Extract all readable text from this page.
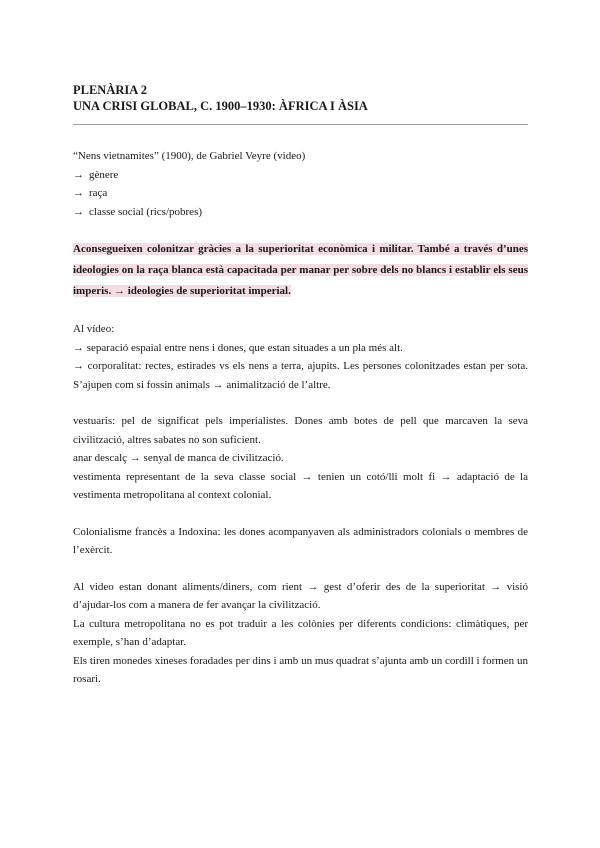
PLENÀRIA 2

UNA CRISI GLOBAL, C. 1900–1930: ÀFRICA I ÀSIA

“Nens vietnamites” (1900), de Gabriel Veyre (video)

→ gènere

→ raça

→ classe social (rics/pobres)

Aconsegueixen colonitzar gràcies a la superioritat econòmica i militar. També a través d’unes ideologies on la raça blanca està capacitada per manar per sobre dels no blancs i establir els seus imperis. → ideologies de superioritat imperial.

Al vídeo:

→ separació espaial entre nens i dones, que estan situades a un pla més alt.

→ corporalitat: rectes, estirades vs els nens a terra, ajupits. Les persones colonitzades estan per sota. S’ajupen com si fossin animals → animalització de l’altre.

vestuaris: pel de significat pels imperialistes. Dones amb botes de pell que marcaven la seva civilització, altres sabates no son suficient.

anar descalç → senyal de manca de civilització.

vestimenta representant de la seva classe social → tenien un cotó/lli molt fi → adaptació de la vestimenta metropolitana al context colonial.

Colonialisme francès a Indoxina: les dones acompanyaven als administradors colonials o membres de l’exèrcit.

Al video estan donant aliments/diners, com rient → gest d’oferir des de la superioritat → visió d’ajudar-los com a manera de fer avançar la civilització.

La cultura metropolitana no es pot traduir a les colònies per diferents condicions: climàtiques, per exemple, s’han d’adaptar.

Els tiren monedes xineses foradades per dins i amb un mus quadrat s’ajunta amb un cordill i formen un rosari.
